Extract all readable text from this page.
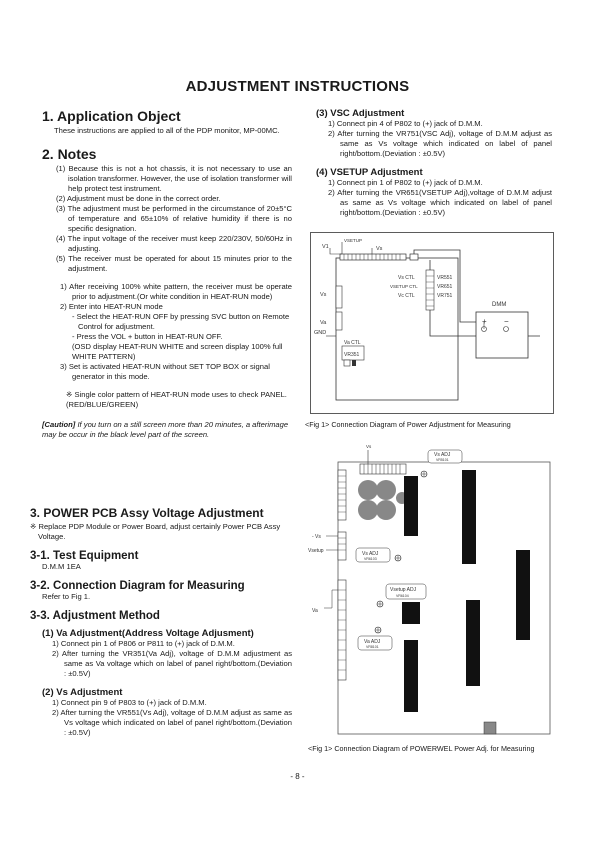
ADJUSTMENT INSTRUCTIONS
1. Application Object

These instructions are applied to all of the PDP monitor, MP-00MC.

2. Notes

(1) Because this is not a hot chassis, it is not necessary to use an isolation transformer. However, the use of isolation transformer will help protect test instrument.

(2) Adjustment must be done in the correct order.

(3) The adjustment must be performed in the circumstance of 20±5°C of temperature and 65±10% of relative humidity if there is no specific designation.

(4) The input voltage of the receiver must keep 220/230V, 50/60Hz in adjusting.

(5) The receiver must be operated for about 15 minutes prior to the adjustment.

1) After receiving 100% white pattern, the receiver must be operate prior to adjustment.(Or white condition in HEAT-RUN mode)

2) Enter into HEAT-RUN mode

- Select the HEAT-RUN OFF by pressing SVC button on Remote Control for adjustment.

- Press the VOL + button in HEAT-RUN OFF.

(OSD display HEAT-RUN WHITE and screen display 100% full WHITE PATTERN)

3) Set is activated HEAT-RUN without SET TOP BOX or signal generator in this mode.

※ Single color pattern of HEAT-RUN mode uses to check PANEL.(RED/BLUE/GREEN)

[Caution] If you turn on a still screen more than 20 minutes, a afterimage may be occur in the black level part of the screen.

3. POWER PCB Assy Voltage Adjustment

※ Replace PDP Module or Power Board, adjust certainly Power PCB Assy Voltage.

3-1. Test Equipment

D.M.M 1EA

3-2. Connection Diagram for Measuring

Refer to Fig 1.

3-3. Adjustment Method
(1) Va Adjustment(Address Voltage Adjusment)

1) Connect pin 1 of P806 or P811 to (+) jack of D.M.M.

2) After turning the VR351(Va Adj), voltage of D.M.M adjustment as same as Va voltage which on label of panel right/bottom.(Deviation : ±0.5V)

(2) Vs Adjustment

1) Connect pin 9 of P803 to (+) jack of D.M.M.

2) After turning the VR551(Vs Adj), voltage of D.M.M adjust as same as Vs voltage which indicated on label of panel right/bottom.(Deviation : ±0.5V)

(3) VSC Adjustment

1) Connect pin 4 of P802 to (+) jack of D.M.M.

2) After turning the VR751(VSC Adj), voltage of D.M.M adjust as same as Vs voltage which indicated on label of panel right/bottom.(Deviation : ±0.5V)

(4) VSETUP Adjustment

1) Connect pin 1 of P802 to (+) jack of D.M.M.

2) After turning the VR651(VSETUP Adj),voltage of D.M.M adjust as same as Vs voltage which indicated on label of panel right/bottom.(Deviation : ±0.5V)

V1
VSETUP
Vs
Vs CTL
VSETUP CTL
Vc CTL
VR551
VR651
VR751
Vs
Va
GND
Va CTL
VR351
DMM
+ −
<Fig 1> Connection Diagram of Power Adjustment for Measuring
Vs
Vs ADJ
VR5101
- Vs
Vsetup
Va
Vs ADJ
VR6103
Vsetup ADJ
VR6104
Va ADJ
VR8101
<Fig 1> Connection Diagram of POWERWEL Power Adj. for Measuring
- 8 -
